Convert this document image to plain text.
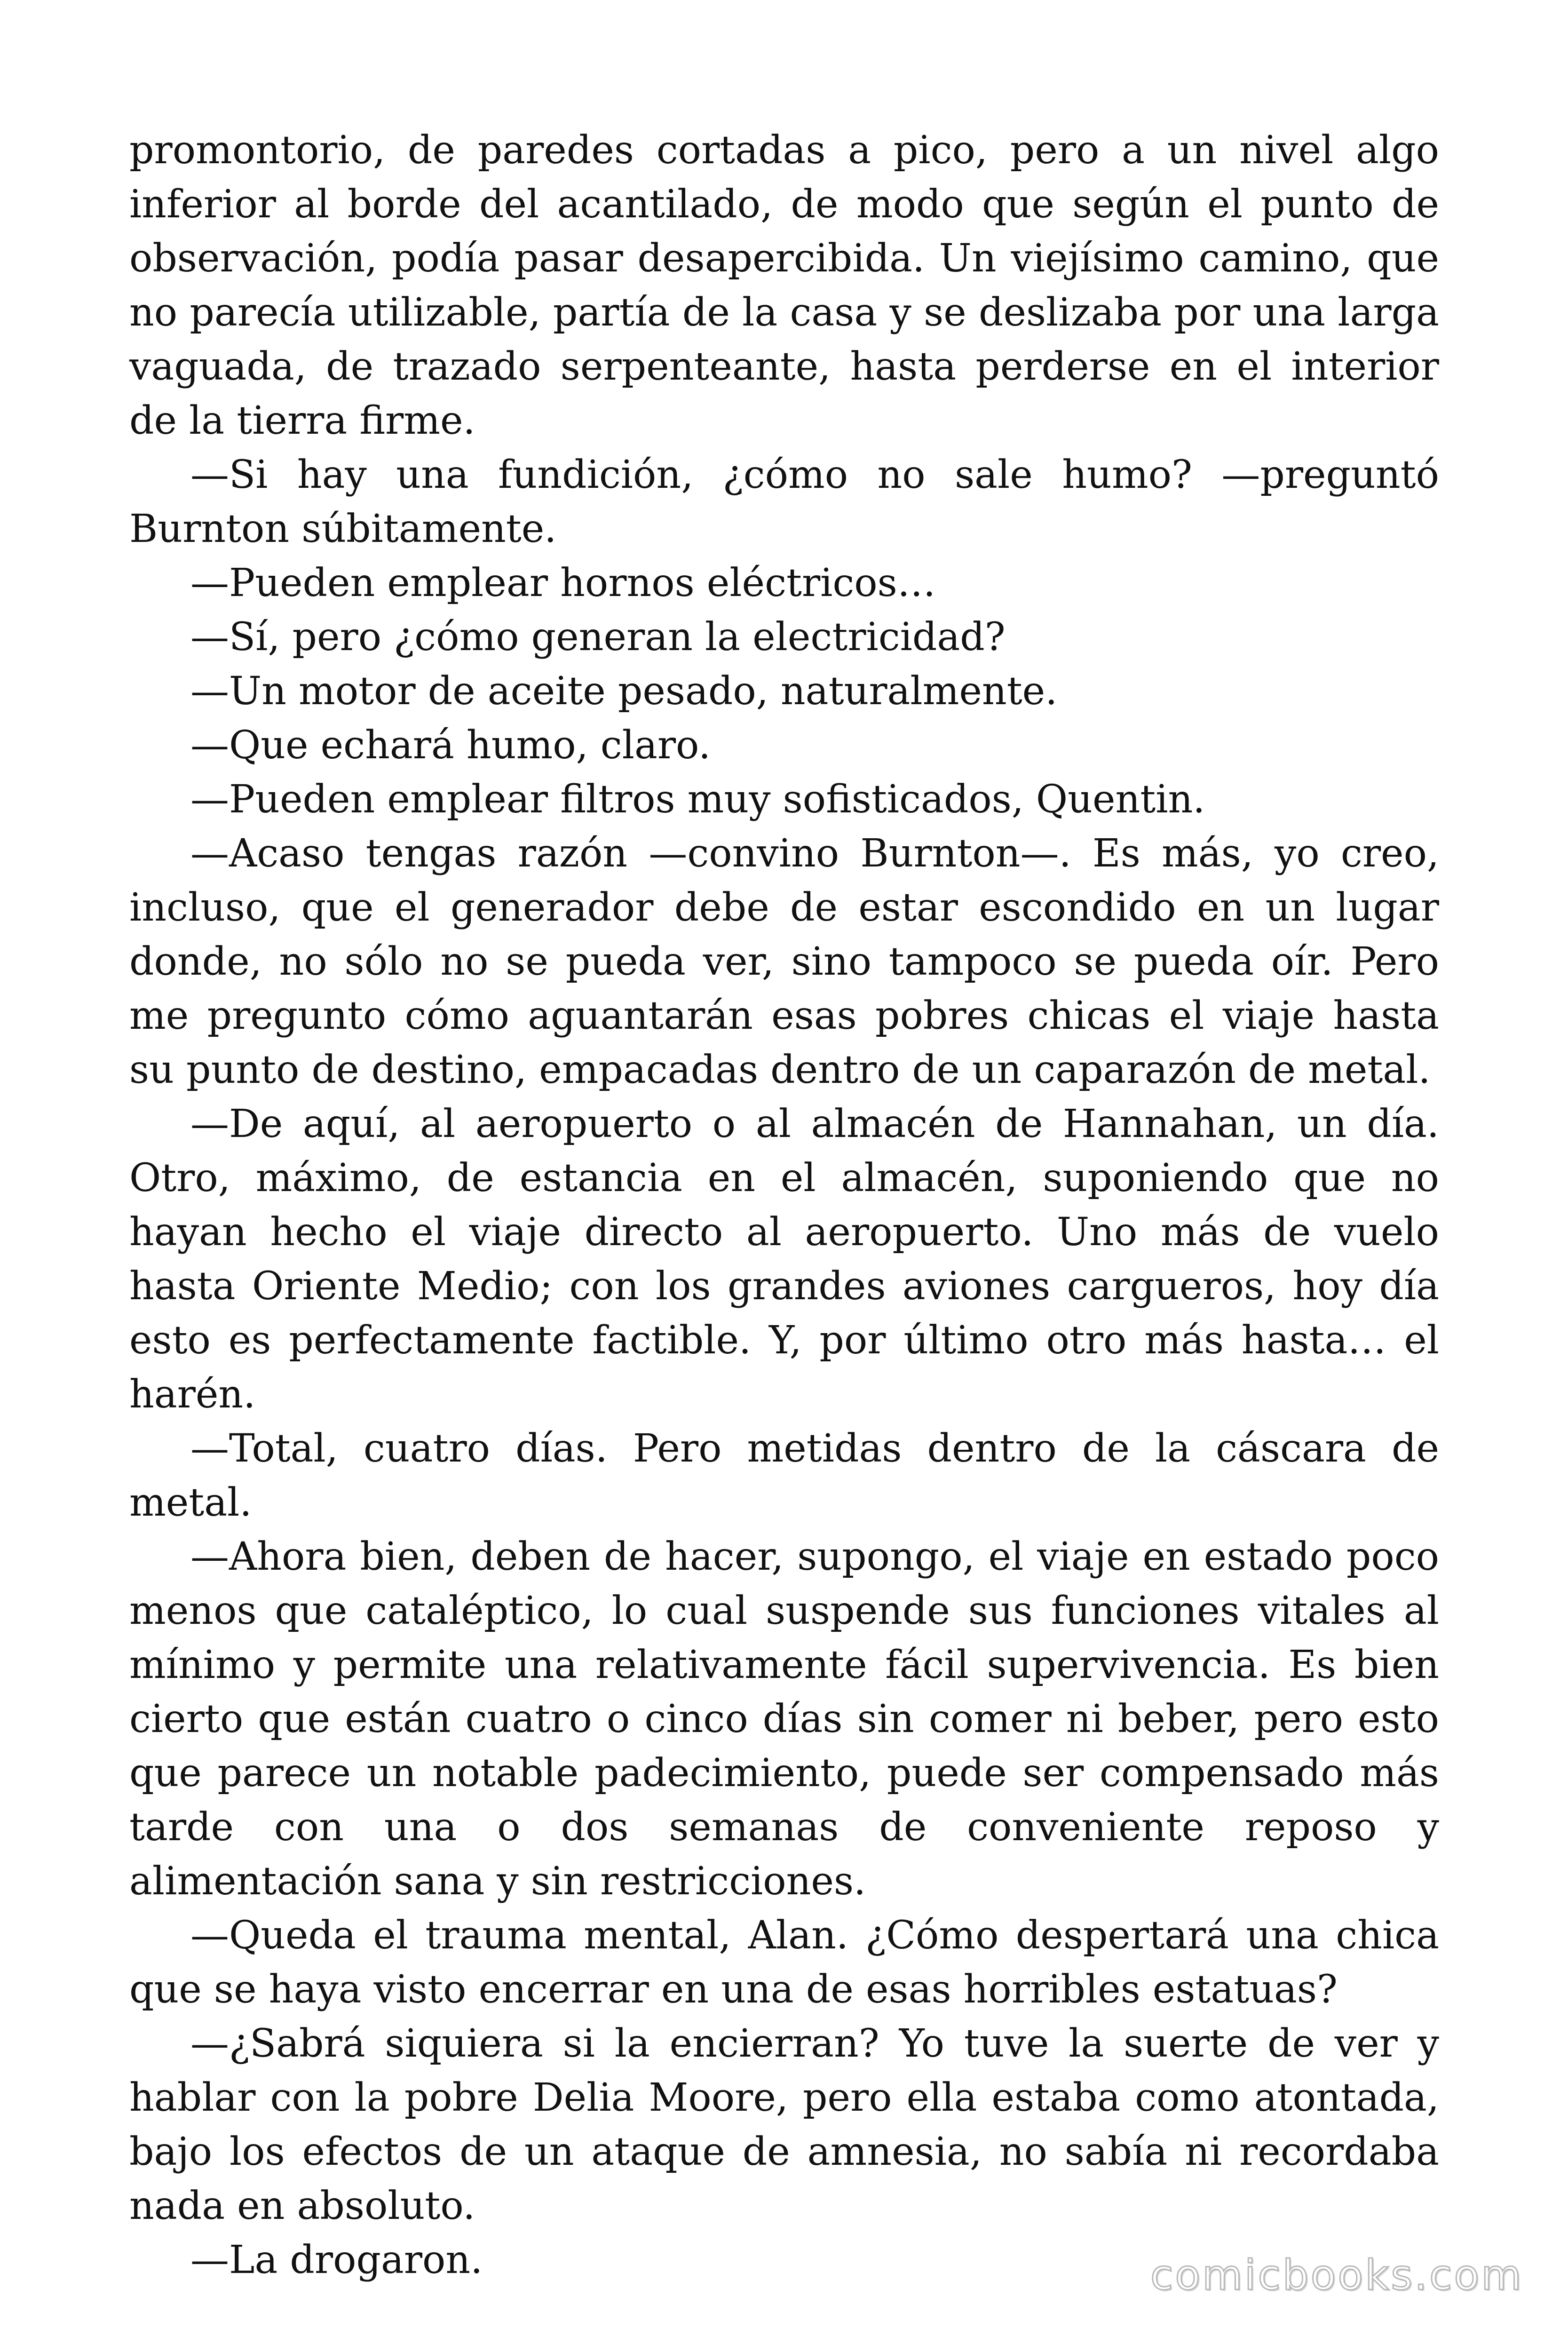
promontorio, de paredes cortadas a pico, pero a un nivel algo inferior al borde del acantilado, de modo que según el punto de observación, podía pasar desapercibida. Un viejísimo camino, que no parecía utilizable, partía de la casa y se deslizaba por una larga vaguada, de trazado serpenteante, hasta perderse en el interior de la tierra firme.

—Si hay una fundición, ¿cómo no sale humo? —preguntó Burnton súbitamente.

—Pueden emplear hornos eléctricos…

—Sí, pero ¿cómo generan la electricidad?

—Un motor de aceite pesado, naturalmente.

—Que echará humo, claro.

—Pueden emplear filtros muy sofisticados, Quentin.

—Acaso tengas razón —convino Burnton—. Es más, yo creo, incluso, que el generador debe de estar escondido en un lugar donde, no sólo no se pueda ver, sino tampoco se pueda oír. Pero me pregunto cómo aguantarán esas pobres chicas el viaje hasta su punto de destino, empacadas dentro de un caparazón de metal.

—De aquí, al aeropuerto o al almacén de Hannahan, un día. Otro, máximo, de estancia en el almacén, suponiendo que no hayan hecho el viaje directo al aeropuerto. Uno más de vuelo hasta Oriente Medio; con los grandes aviones cargueros, hoy día esto es perfectamente factible. Y, por último otro más hasta… el harén.

—Total, cuatro días. Pero metidas dentro de la cáscara de metal.

—Ahora bien, deben de hacer, supongo, el viaje en estado poco menos que cataléptico, lo cual suspende sus funciones vitales al mínimo y permite una relativamente fácil supervivencia. Es bien cierto que están cuatro o cinco días sin comer ni beber, pero esto que parece un notable padecimiento, puede ser compensado más tarde con una o dos semanas de conveniente reposo y alimentación sana y sin restricciones.

—Queda el trauma mental, Alan. ¿Cómo despertará una chica que se haya visto encerrar en una de esas horribles estatuas?

—¿Sabrá siquiera si la encierran? Yo tuve la suerte de ver y hablar con la pobre Delia Moore, pero ella estaba como atontada, bajo los efectos de un ataque de amnesia, no sabía ni recordaba nada en absoluto.

—La drogaron.	comicbooks.com
